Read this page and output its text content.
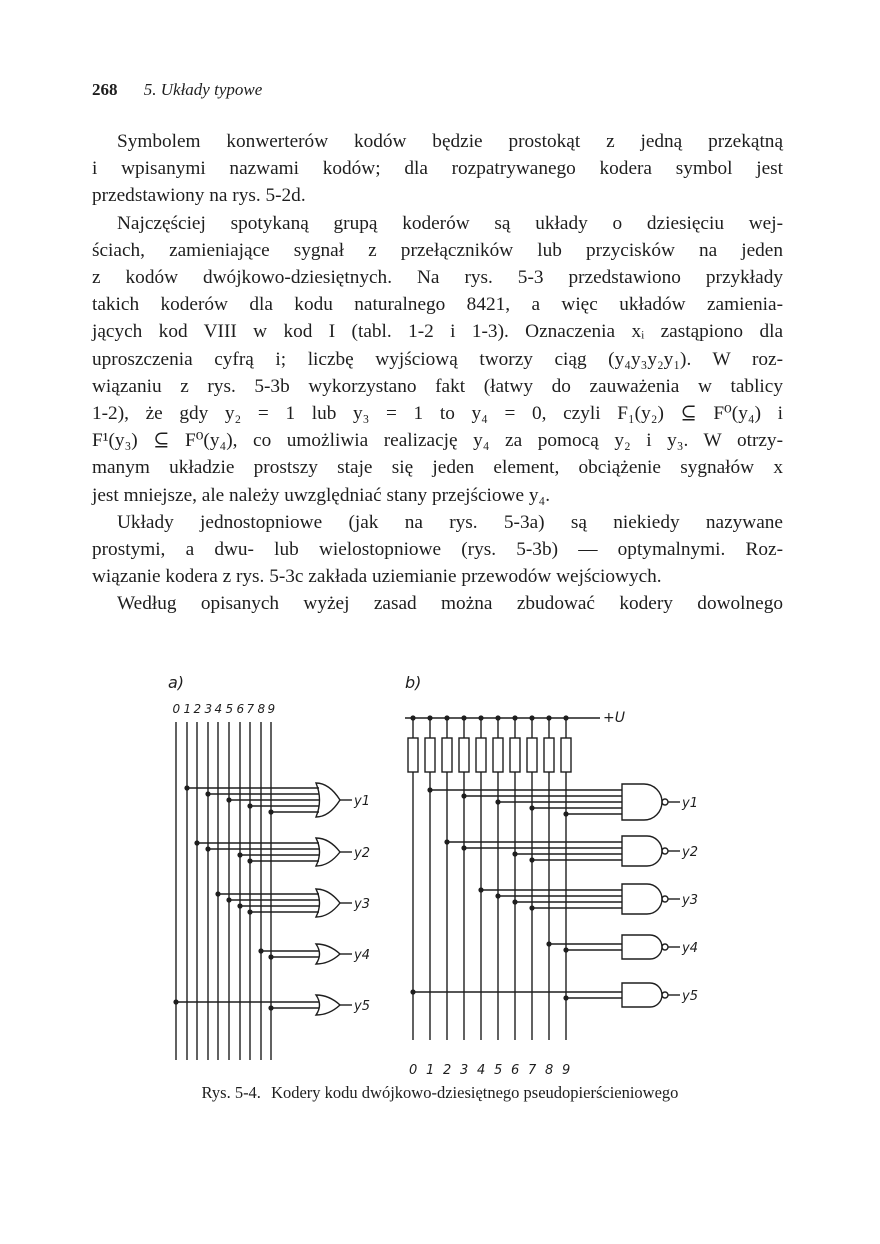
268 5. Układy typowe
Symbolem konwerterów kodów będzie prostokąt z jedną przekątną
i wpisanymi nazwami kodów; dla rozpatrywanego kodera symbol jest
przedstawiony na rys. 5-2d.
Najczęściej spotykaną grupą koderów są układy o dziesięciu wej-
ściach, zamieniające sygnał z przełączników lub przycisków na jeden
z kodów dwójkowo-dziesiętnych. Na rys. 5-3 przedstawiono przykłady
takich koderów dla kodu naturalnego 8421, a więc układów zamienia-
jących kod VIII w kod I (tabl. 1-2 i 1-3). Oznaczenia xᵢ zastąpiono dla
uproszczenia cyfrą i; liczbę wyjściową tworzy ciąg (y₄y₃y₂y₁). W roz-
wiązaniu z rys. 5-3b wykorzystano fakt (łatwy do zauważenia w tablicy
1-2), że gdy y₂ = 1 lub y₃ = 1 to y₄ = 0, czyli F₁(y₂) ⊆ F⁰(y₄) i
F¹(y₃) ⊆ F⁰(y₄), co umożliwia realizację y₄ za pomocą y₂ i y₃. W otrzy-
manym układzie prostszy staje się jeden element, obciążenie sygnałów x
jest mniejsze, ale należy uwzględniać stany przejściowe y₄.
Układy jednostopniowe (jak na rys. 5-3a) są niekiedy nazywane
prostymi, a dwu- lub wielostopniowe (rys. 5-3b) — optymalnymi. Roz-
wiązanie kodera z rys. 5-3c zakłada uziemianie przewodów wejściowych.
Według opisanych wyżej zasad można zbudować kodery dowolnego
a)
0 1 2 3 4 5 6 7 8 9
y1
y2
y3
y4
y5
b)
+U
0 1 2 3 4 5 6 7 8 9
y1
y2
y3
y4
y5
Rys. 5-4. Kodery kodu dwójkowo-dziesiętnego pseudopierścieniowego
